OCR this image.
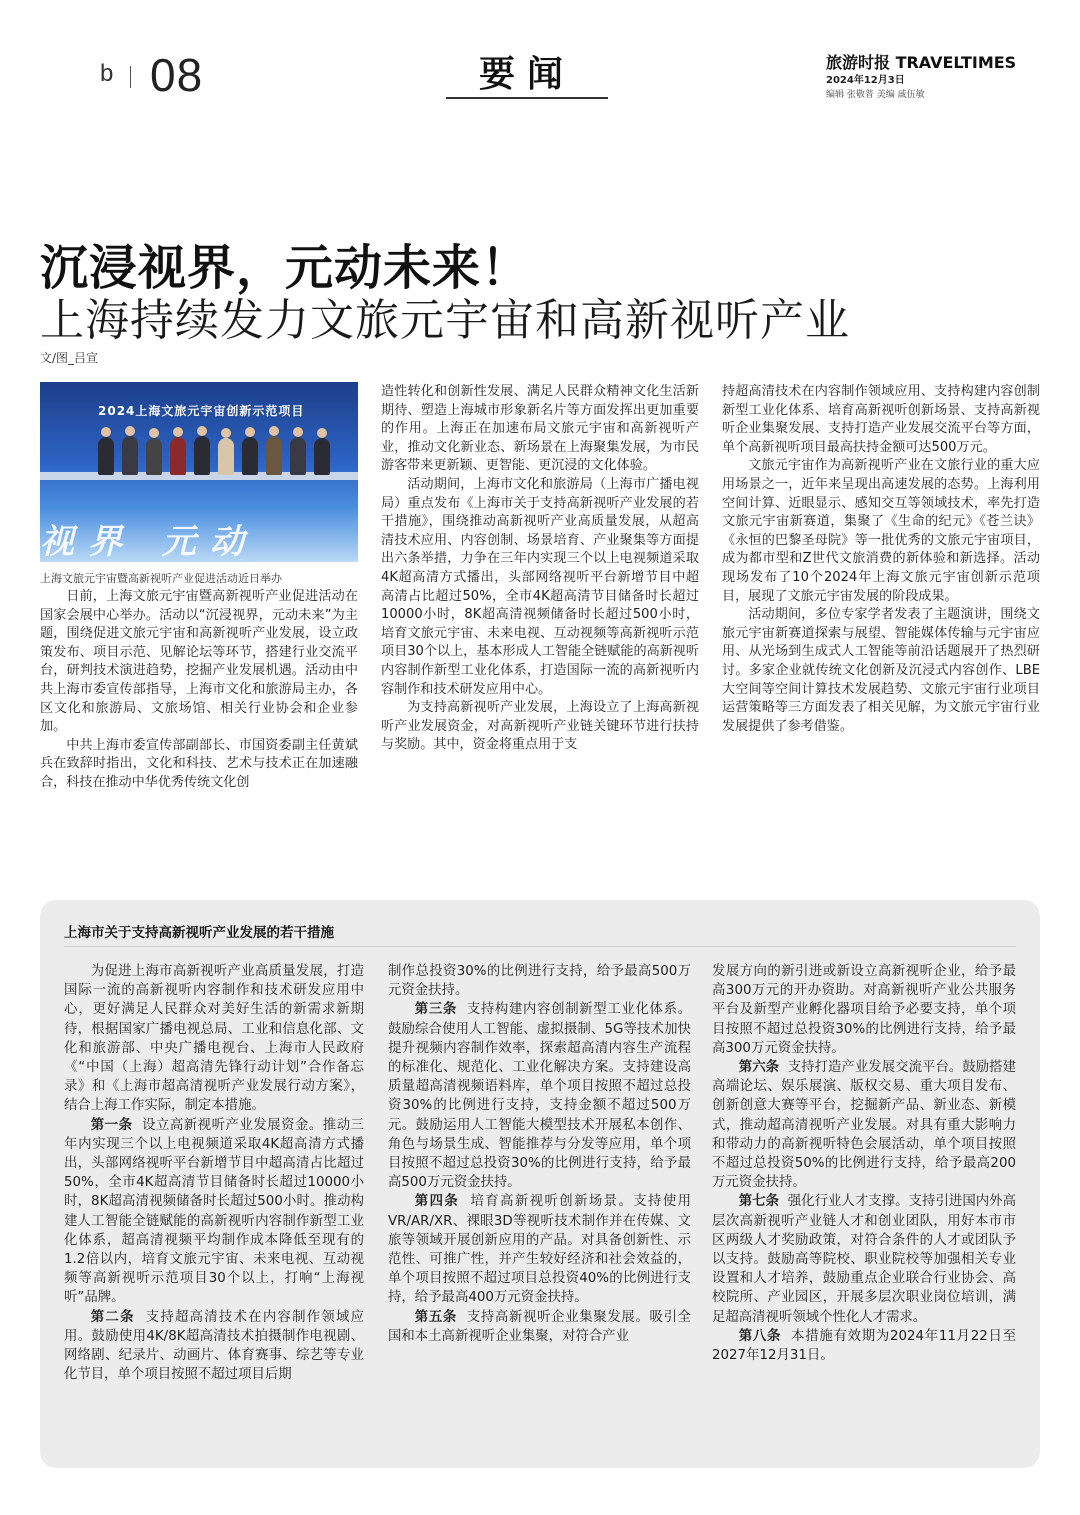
b 08	要闻	旅游时报 TRAVELTIMES
2024年12月3日
编辑 张敬普 美编 戚伍敏
沉浸视界，元动未来！
上海持续发力文旅元宇宙和高新视听产业
文/图_吕宣
2024上海文旅元宇宙创新示范项目
视界 元动
上海文旅元宇宙暨高新视听产业促进活动近日举办

日前，上海文旅元宇宙暨高新视听产业促进活动在国家会展中心举办。活动以“沉浸视界，元动未来”为主题，围绕促进文旅元宇宙和高新视听产业发展，设立政策发布、项目示范、见解论坛等环节，搭建行业交流平台，研判技术演进趋势，挖掘产业发展机遇。活动由中共上海市委宣传部指导，上海市文化和旅游局主办，各区文化和旅游局、文旅场馆、相关行业协会和企业参加。

中共上海市委宣传部副部长、市国资委副主任黄斌兵在致辞时指出，文化和科技、艺术与技术正在加速融合，科技在推动中华优秀传统文化创

造性转化和创新性发展、满足人民群众精神文化生活新期待、塑造上海城市形象新名片等方面发挥出更加重要的作用。上海正在加速布局文旅元宇宙和高新视听产业，推动文化新业态、新场景在上海聚集发展，为市民游客带来更新颖、更智能、更沉浸的文化体验。

活动期间，上海市文化和旅游局（上海市广播电视局）重点发布《上海市关于支持高新视听产业发展的若干措施》，围绕推动高新视听产业高质量发展，从超高清技术应用、内容创制、场景培育、产业聚集等方面提出六条举措，力争在三年内实现三个以上电视频道采取4K超高清方式播出，头部网络视听平台新增节目中超高清占比超过50%，全市4K超高清节目储备时长超过10000小时，8K超高清视频储备时长超过500小时，培育文旅元宇宙、未来电视、互动视频等高新视听示范项目30个以上，基本形成人工智能全链赋能的高新视听内容制作新型工业化体系，打造国际一流的高新视听内容制作和技术研发应用中心。

为支持高新视听产业发展，上海设立了上海高新视听产业发展资金，对高新视听产业链关键环节进行扶持与奖励。其中，资金将重点用于支

持超高清技术在内容制作领域应用、支持构建内容创制新型工业化体系、培育高新视听创新场景、支持高新视听企业集聚发展、支持打造产业发展交流平台等方面，单个高新视听项目最高扶持金额可达500万元。

文旅元宇宙作为高新视听产业在文旅行业的重大应用场景之一，近年来呈现出高速发展的态势。上海利用空间计算、近眼显示、感知交互等领域技术，率先打造文旅元宇宙新赛道，集聚了《生命的纪元》《苍兰诀》《永恒的巴黎圣母院》等一批优秀的文旅元宇宙项目，成为都市型和Z世代文旅消费的新体验和新选择。活动现场发布了10个2024年上海文旅元宇宙创新示范项目，展现了文旅元宇宙发展的阶段成果。

活动期间，多位专家学者发表了主题演讲，围绕文旅元宇宙新赛道探索与展望、智能媒体传输与元宇宙应用、从光场到生成式人工智能等前沿话题展开了热烈研讨。多家企业就传统文化创新及沉浸式内容创作、LBE大空间等空间计算技术发展趋势、文旅元宇宙行业项目运营策略等三方面发表了相关见解，为文旅元宇宙行业发展提供了参考借鉴。

上海市关于支持高新视听产业发展的若干措施

为促进上海市高新视听产业高质量发展，打造国际一流的高新视听内容制作和技术研发应用中心，更好满足人民群众对美好生活的新需求新期待，根据国家广播电视总局、工业和信息化部、文化和旅游部、中央广播电视台、上海市人民政府《“中国（上海）超高清先锋行动计划”合作备忘录》和《上海市超高清视听产业发展行动方案》，结合上海工作实际，制定本措施。

第一条 设立高新视听产业发展资金。推动三年内实现三个以上电视频道采取4K超高清方式播出，头部网络视听平台新增节目中超高清占比超过50%，全市4K超高清节目储备时长超过10000小时，8K超高清视频储备时长超过500小时。推动构建人工智能全链赋能的高新视听内容制作新型工业化体系，超高清视频平均制作成本降低至现有的1.2倍以内，培育文旅元宇宙、未来电视、互动视频等高新视听示范项目30个以上，打响“上海视听”品牌。

第二条 支持超高清技术在内容制作领域应用。鼓励使用4K/8K超高清技术拍摄制作电视剧、网络剧、纪录片、动画片、体育赛事、综艺等专业化节目，单个项目按照不超过项目后期

制作总投资30%的比例进行支持，给予最高500万元资金扶持。

第三条 支持构建内容创制新型工业化体系。鼓励综合使用人工智能、虚拟摄制、5G等技术加快提升视频内容制作效率，探索超高清内容生产流程的标准化、规范化、工业化解决方案。支持建设高质量超高清视频语料库，单个项目按照不超过总投资30%的比例进行支持，支持金额不超过500万元。鼓励运用人工智能大模型技术开展私本创作、角色与场景生成、智能推荐与分发等应用，单个项目按照不超过总投资30%的比例进行支持，给予最高500万元资金扶持。

第四条 培育高新视听创新场景。支持使用VR/AR/XR、裸眼3D等视听技术制作并在传媒、文旅等领域开展创新应用的产品。对具备创新性、示范性、可推广性，并产生较好经济和社会效益的，单个项目按照不超过项目总投资40%的比例进行支持，给予最高400万元资金扶持。

第五条 支持高新视听企业集聚发展。吸引全国和本土高新视听企业集聚，对符合产业

发展方向的新引进或新设立高新视听企业，给予最高300万元的开办资助。对高新视听产业公共服务平台及新型产业孵化器项目给予必要支持，单个项目按照不超过总投资30%的比例进行支持，给予最高300万元资金扶持。

第六条 支持打造产业发展交流平台。鼓励搭建高端论坛、娱乐展演、版权交易、重大项目发布、创新创意大赛等平台，挖掘新产品、新业态、新模式，推动超高清视听产业发展。对具有重大影响力和带动力的高新视听特色会展活动，单个项目按照不超过总投资50%的比例进行支持，给予最高200万元资金扶持。

第七条 强化行业人才支撑。支持引进国内外高层次高新视听产业链人才和创业团队，用好本市市区两级人才奖励政策，对符合条件的人才或团队予以支持。鼓励高等院校、职业院校等加强相关专业设置和人才培养，鼓励重点企业联合行业协会、高校院所、产业园区，开展多层次职业岗位培训，满足超高清视听领域个性化人才需求。

第八条 本措施有效期为2024年11月22日至2027年12月31日。
